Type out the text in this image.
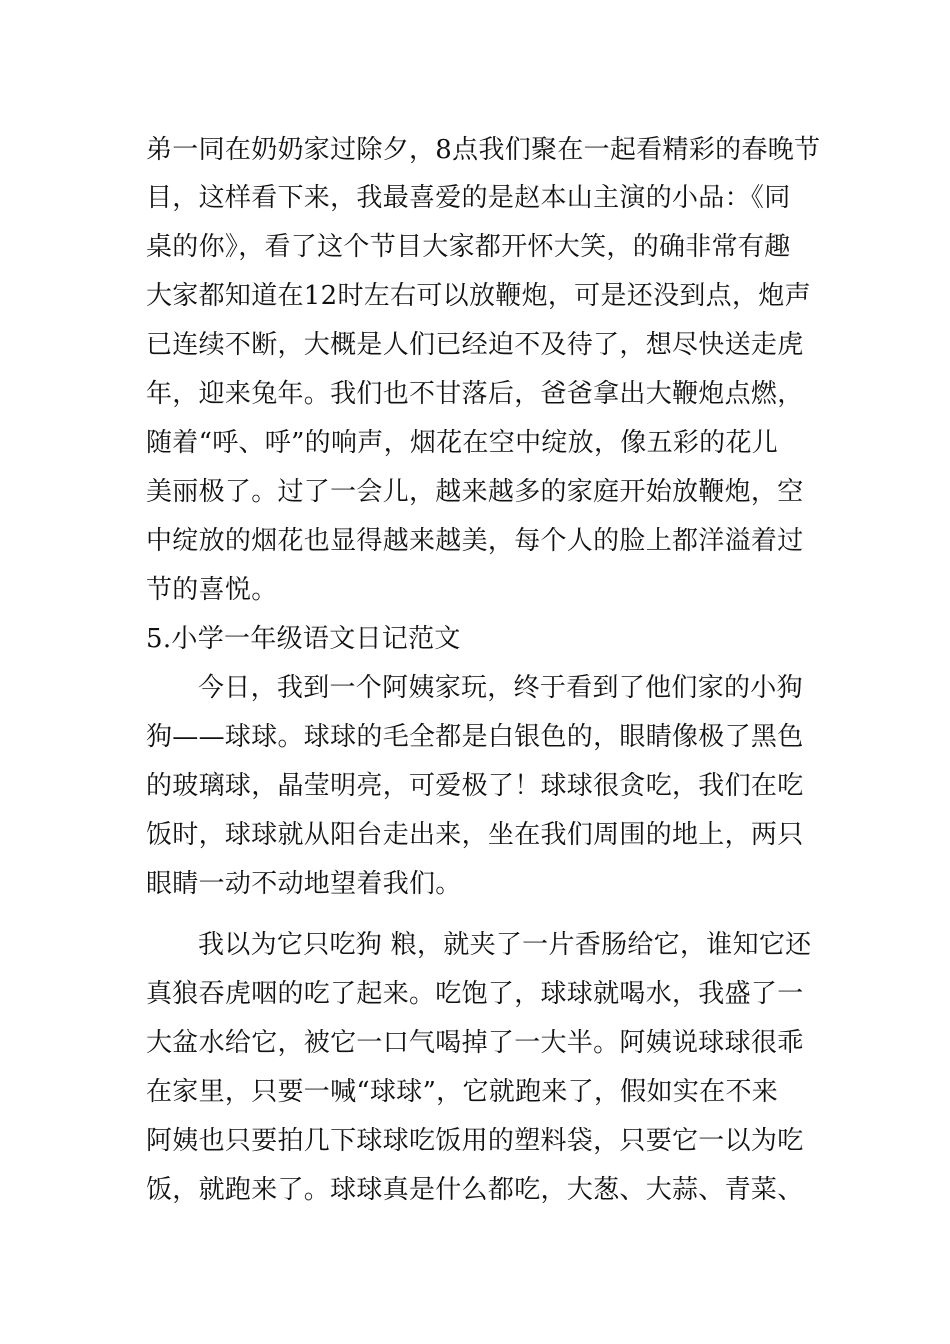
弟一同在奶奶家过除夕，8点我们聚在一起看精彩的春晚节
目，这样看下来，我最喜爱的是赵本山主演的小品：《同
桌的你》，看了这个节目大家都开怀大笑，的确非常有趣
大家都知道在12时左右可以放鞭炮，可是还没到点，炮声
已连续不断，大概是人们已经迫不及待了，想尽快送走虎
年，迎来兔年。我们也不甘落后，爸爸拿出大鞭炮点燃，
随着“呼、呼”的响声，烟花在空中绽放，像五彩的花儿
美丽极了。过了一会儿，越来越多的家庭开始放鞭炮，空
中绽放的烟花也显得越来越美，每个人的脸上都洋溢着过
节的喜悦。
5.小学一年级语文日记范文
今日，我到一个阿姨家玩，终于看到了他们家的小狗
狗——球球。球球的毛全都是白银色的，眼睛像极了黑色
的玻璃球，晶莹明亮，可爱极了！球球很贪吃，我们在吃
饭时，球球就从阳台走出来，坐在我们周围的地上，两只
眼睛一动不动地望着我们。
我以为它只吃狗 粮，就夹了一片香肠给它，谁知它还
真狼吞虎咽的吃了起来。吃饱了，球球就喝水，我盛了一
大盆水给它，被它一口气喝掉了一大半。阿姨说球球很乖
在家里，只要一喊“球球”，它就跑来了，假如实在不来
阿姨也只要拍几下球球吃饭用的塑料袋，只要它一以为吃
饭，就跑来了。球球真是什么都吃，大葱、大蒜、青菜、
